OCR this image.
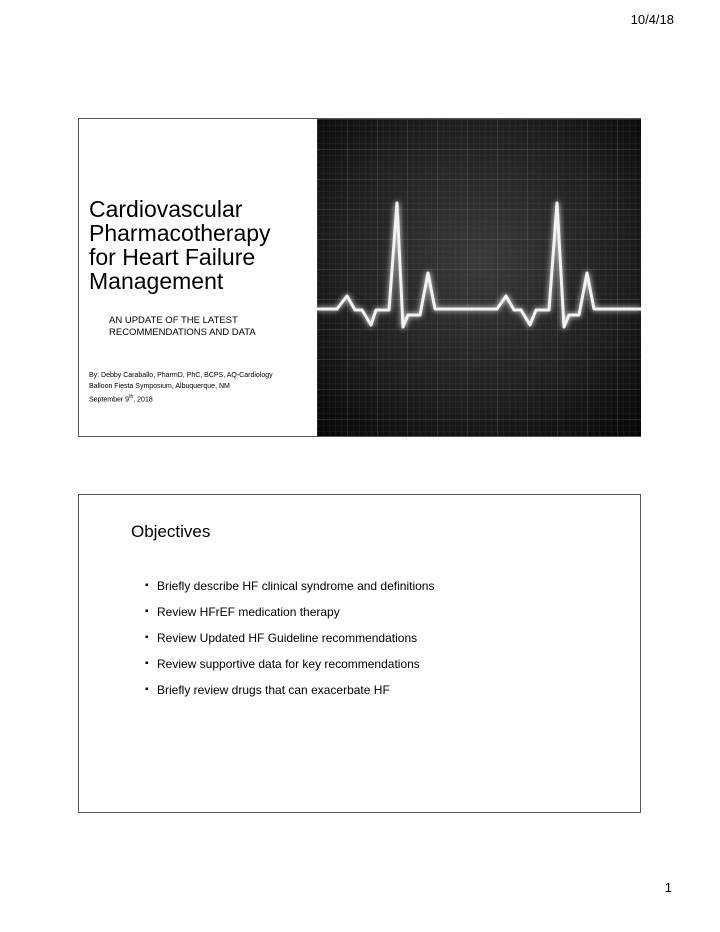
10/4/18
Cardiovascular
Pharmacotherapy
for Heart Failure
Management
AN UPDATE OF THE LATEST
RECOMMENDATIONS AND DATA
By: Debby Caraballo, PharmD, PhC, BCPS, AQ-Cardiology
Balloon Fiesta Symposium, Albuquerque, NM
September 9th, 2018
Objectives
▪ Briefly describe HF clinical syndrome and definitions
▪ Review HFrEF medication therapy
▪ Review Updated HF Guideline recommendations
▪ Review supportive data for key recommendations
▪ Briefly review drugs that can exacerbate HF
1
